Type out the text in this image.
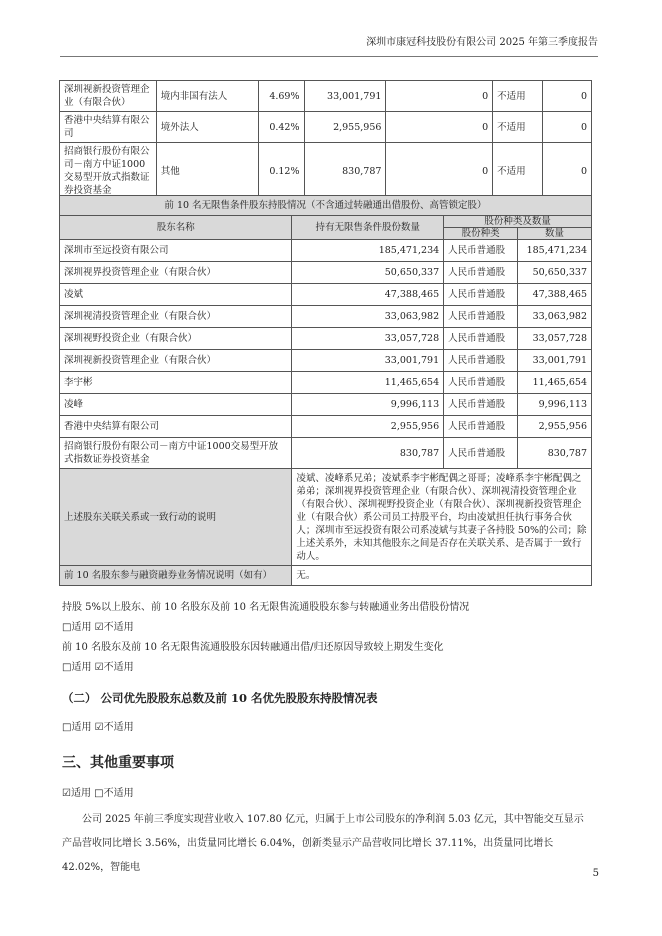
深圳市康冠科技股份有限公司 2025 年第三季度报告
深圳视新投资管理企业（有限合伙）	境内非国有法人	4.69%	33,001,791	0	不适用	0
香港中央结算有限公司	境外法人	0.42%	2,955,956	0	不适用	0
招商银行股份有限公司－南方中证1000交易型开放式指数证券投资基金	其他	0.12%	830,787	0	不适用	0
前 10 名无限售条件股东持股情况（不含通过转融通出借股份、高管锁定股）			
股东名称	持有无限售条件股份数量	股份种类及数量	
		股份种类	数量
深圳市至远投资有限公司	185,471,234	人民币普通股	185,471,234
深圳视界投资管理企业（有限合伙）	50,650,337	人民币普通股	50,650,337
凌斌	47,388,465	人民币普通股	47,388,465
深圳视清投资管理企业（有限合伙）	33,063,982	人民币普通股	33,063,982
深圳视野投资企业（有限合伙）	33,057,728	人民币普通股	33,057,728
深圳视新投资管理企业（有限合伙）	33,001,791	人民币普通股	33,001,791
李宇彬	11,465,654	人民币普通股	11,465,654
凌峰	9,996,113	人民币普通股	9,996,113
香港中央结算有限公司	2,955,956	人民币普通股	2,955,956
招商银行股份有限公司－南方中证1000交易型开放式指数证券投资基金	830,787	人民币普通股	830,787
上述股东关联关系或一致行动的说明	凌斌、凌峰系兄弟；凌斌系李宇彬配偶之哥哥；凌峰系李宇彬配偶之弟弟；深圳视界投资管理企业（有限合伙）、深圳视清投资管理企业（有限合伙）、深圳视野投资企业（有限合伙）、深圳视新投资管理企业（有限合伙）系公司员工持股平台，均由凌斌担任执行事务合伙人；深圳市至远投资有限公司系凌斌与其妻子各持股 50%的公司；除上述关系外，未知其他股东之间是否存在关联关系、是否属于一致行动人。		
前 10 名股东参与融资融券业务情况说明（如有）	无。		
持股 5%以上股东、前 10 名股东及前 10 名无限售流通股股东参与转融通业务出借股份情况
□适用 ☑不适用
前 10 名股东及前 10 名无限售流通股股东因转融通出借/归还原因导致较上期发生变化
□适用 ☑不适用
（二） 公司优先股股东总数及前 10 名优先股股东持股情况表
□适用 ☑不适用
三、其他重要事项
☑适用 □不适用
公司 2025 年前三季度实现营业收入 107.80 亿元，归属于上市公司股东的净利润 5.03 亿元，其中智能交互显示产品营收同比增长 3.56%，出货量同比增长 6.04%，创新类显示产品营收同比增长 37.11%，出货量同比增长 42.02%，智能电
5
